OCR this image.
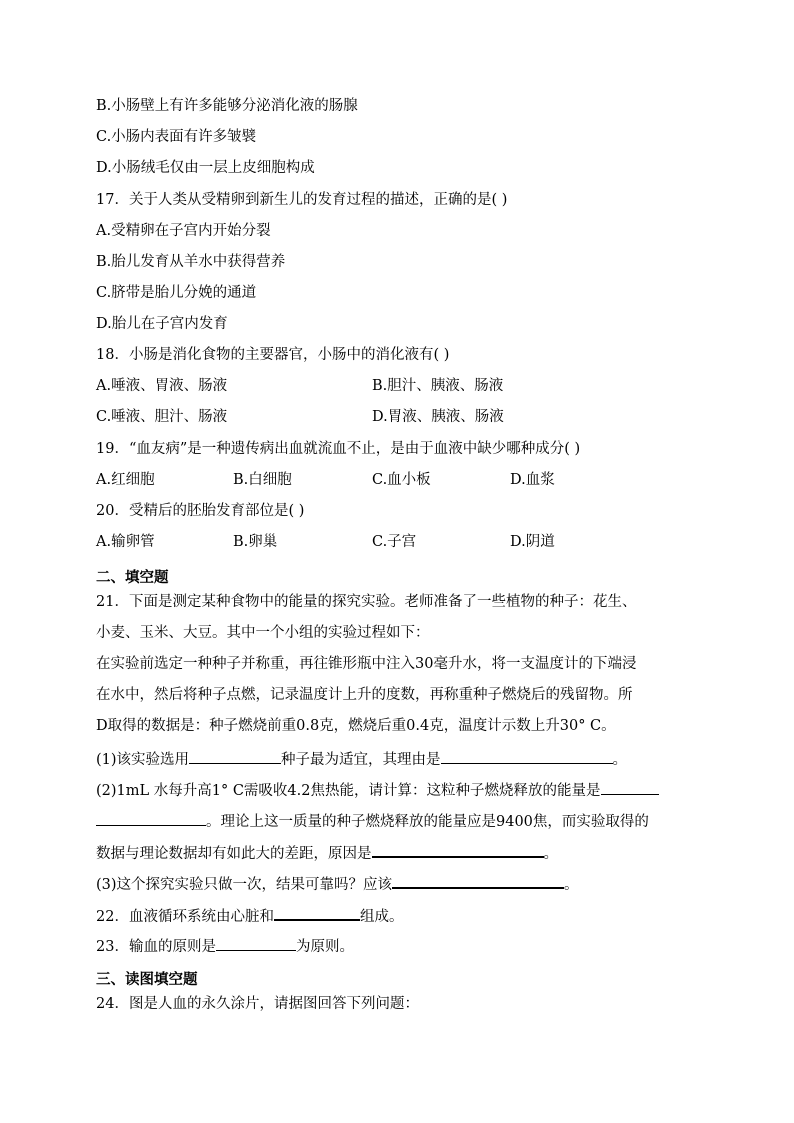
B.小肠壁上有许多能够分泌消化液的肠腺
C.小肠内表面有许多皱襞
D.小肠绒毛仅由一层上皮细胞构成
17．关于人类从受精卵到新生儿的发育过程的描述，正确的是( )
A.受精卵在子宫内开始分裂
B.胎儿发育从羊水中获得营养
C.脐带是胎儿分娩的通道
D.胎儿在子宫内发育
18．小肠是消化食物的主要器官，小肠中的消化液有( )
A.唾液、胃液、肠液	B.胆汁、胰液、肠液
C.唾液、胆汁、肠液	D.胃液、胰液、肠液
19．“血友病”是一种遗传病出血就流血不止，是由于血液中缺少哪种成分( )
A.红细胞	B.白细胞	C.血小板	D.血浆
20．受精后的胚胎发育部位是( )
A.输卵管	B.卵巢	C.子宫	D.阴道
二、填空题
21．下面是测定某种食物中的能量的探究实验。老师准备了一些植物的种子：花生、
小麦、玉米、大豆。其中一个小组的实验过程如下：
在实验前选定一种种子并称重，再往锥形瓶中注入30毫升水，将一支温度计的下端浸
在水中，然后将种子点燃，记录温度计上升的度数，再称重种子燃烧后的残留物。所
D取得的数据是：种子燃烧前重0.8克，燃烧后重0.4克，温度计示数上升30° C。
(1)该实验选用	种子最为适宜，其理由是	。
(2)1mL 水每升高1° C需吸收4.2焦热能，请计算：这粒种子燃烧释放的能量是
。理论上这一质量的种子燃烧释放的能量应是9400焦，而实验取得的
数据与理论数据却有如此大的差距，原因是	。
(3)这个探究实验只做一次，结果可靠吗？应该	。
22．血液循环系统由心脏和	组成。
23．输血的原则是	为原则。
三、读图填空题
24．图是人血的永久涂片，请据图回答下列问题：
